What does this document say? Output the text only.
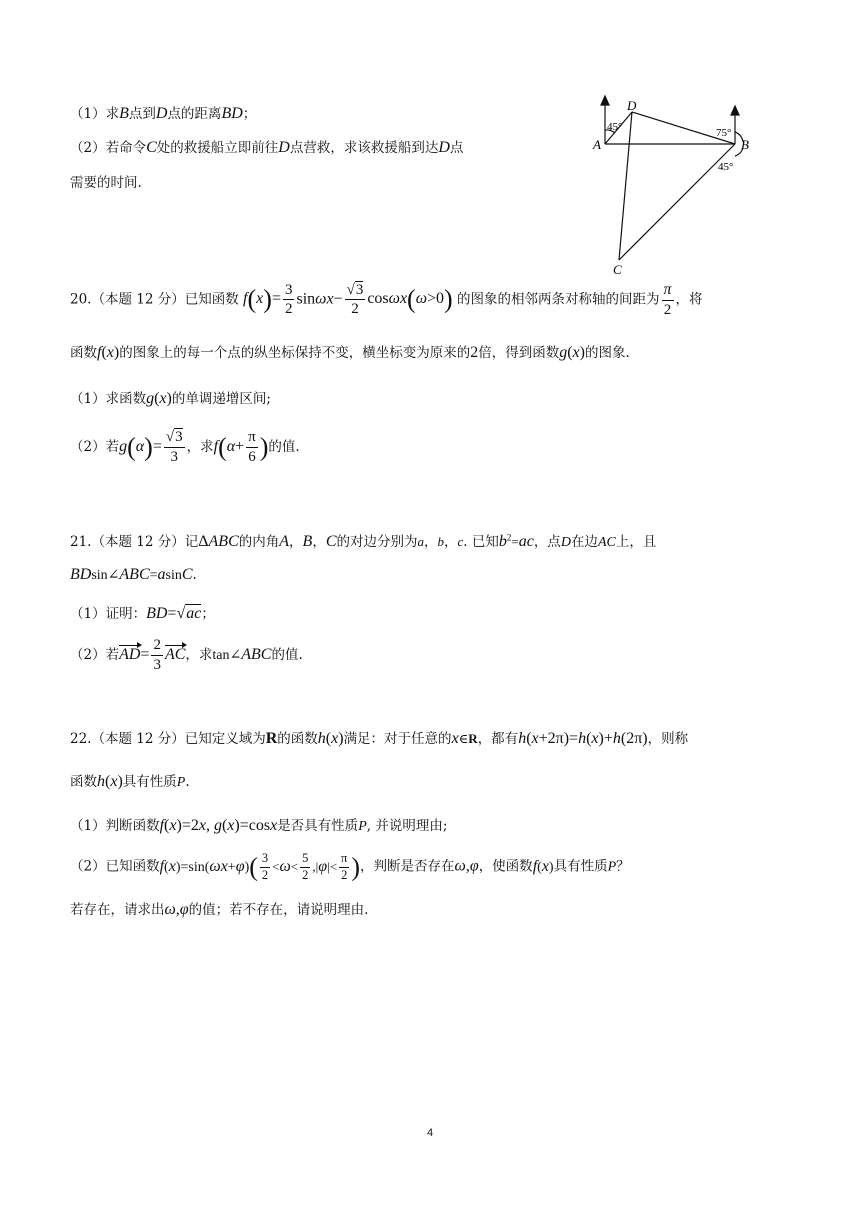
（1）求B点到D点的距离BD；
（2）若命令C处的救援船立即前往D点营救，求该救援船到达D点
需要的时间.
D
A	B
C
45°	75°
45°
20.（本题 12 分）已知函数 $f(x)= \frac{3}{2} \sin\omega x- \frac{√3}{2} \cos\omega x(\omega>0)$ 的图象的相邻两条对称轴的间距为 $\frac{\pi}{2}$ ，将
函数f(x)的图象上的每一个点的纵坐标保持不变，横坐标变为原来的2倍，得到函数g(x)的图象.
（1）求函数g(x)的单调递增区间;
（2）若$g(\alpha)= \frac{√3}{3}$ ，求$f(\alpha+ \frac{\pi}{6}$ )的值.
21.（本题 12 分）记ΔABC的内角A，B，C的对边分别为a，b，c. 已知$b^2=ac$，点D在边AC上，且
BDsin∠ABC=asinC.
（1）证明：BD=√ac；
（2）若$AD= \frac{2}{3}$ AC，求tan∠ABC的值.
22.（本题 12 分）已知定义域为R的函数h(x)满足：对于任意的x∈R，都有h(x+2π)=h(x)+h(2π)，则称
函数h(x)具有性质P.
（1）判断函数f(x)=2x, g(x)=cosx是否具有性质P, 并说明理由;
（2）已知函数$f(x)=\sin(\omega x+\varphi)( \frac{3}{2} <\omega< \frac{5}{2} ,|\varphi|< \frac{\pi}{2}$ )，判断是否存在ω,φ，使函数f(x)具有性质P？
若存在，请求出ω,φ的值；若不存在，请说明理由.
4
